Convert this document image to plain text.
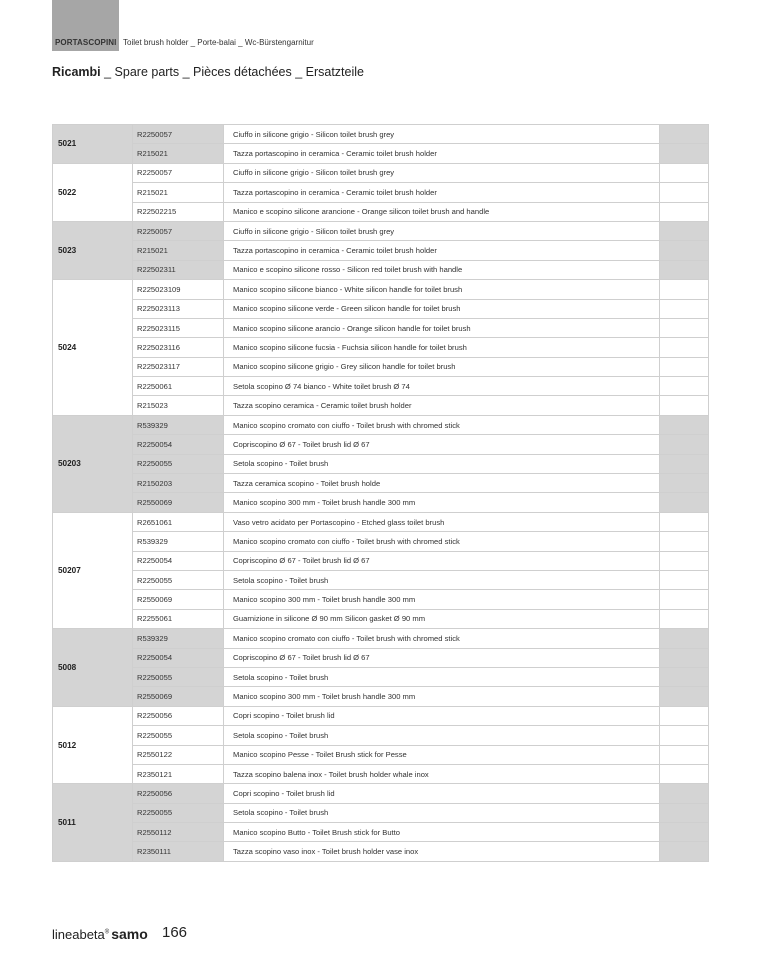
PORTASCOPINI Toilet brush holder _ Porte-balai _ Wc-Bürstengarnitur
Ricambi _ Spare parts _ Pièces détachées _ Ersatzteile
5021	R2250057	Ciuffo in silicone grigio - Silicon toilet brush grey	
	R215021	Tazza portascopino in ceramica - Ceramic toilet brush holder	
5022	R2250057	Ciuffo in silicone grigio - Silicon toilet brush grey	
	R215021	Tazza portascopino in ceramica - Ceramic toilet brush holder	
	R22502215	Manico e scopino silicone arancione - Orange silicon toilet brush and handle	
5023	R2250057	Ciuffo in silicone grigio - Silicon toilet brush grey	
	R215021	Tazza portascopino in ceramica - Ceramic toilet brush holder	
	R22502311	Manico e scopino silicone rosso - Silicon red toilet brush with handle	
5024	R225023109	Manico scopino silicone bianco - White silicon handle for toilet brush	
	R225023113	Manico scopino silicone verde - Green silicon handle for toilet brush	
	R225023115	Manico scopino silicone arancio - Orange silicon handle for toilet brush	
	R225023116	Manico scopino silicone fucsia - Fuchsia silicon handle for toilet brush	
	R225023117	Manico scopino silicone grigio - Grey silicon handle for toilet brush	
	R2250061	Setola scopino Ø 74 bianco - White toilet brush Ø 74	
	R215023	Tazza scopino ceramica - Ceramic toilet brush holder	
50203	R539329	Manico scopino cromato con ciuffo - Toilet brush with chromed stick	
	R2250054	Copriscopino Ø 67 - Toilet brush lid Ø 67	
	R2250055	Setola scopino - Toilet brush	
	R2150203	Tazza ceramica scopino - Toilet brush holde	
	R2550069	Manico scopino 300 mm - Toilet brush handle 300 mm	
50207	R2651061	Vaso vetro acidato per Portascopino - Etched glass toilet brush	
	R539329	Manico scopino cromato con ciuffo - Toilet brush with chromed stick	
	R2250054	Copriscopino Ø 67 - Toilet brush lid Ø 67	
	R2250055	Setola scopino - Toilet brush	
	R2550069	Manico scopino 300 mm - Toilet brush handle 300 mm	
	R2255061	Guarnizione in silicone Ø 90 mm Silicon gasket Ø 90 mm	
5008	R539329	Manico scopino cromato con ciuffo - Toilet brush with chromed stick	
	R2250054	Copriscopino Ø 67 - Toilet brush lid Ø 67	
	R2250055	Setola scopino - Toilet brush	
	R2550069	Manico scopino 300 mm - Toilet brush handle 300 mm	
5012	R2250056	Copri scopino - Toilet brush lid	
	R2250055	Setola scopino - Toilet brush	
	R2550122	Manico scopino Pesse - Toilet Brush stick for Pesse	
	R2350121	Tazza scopino balena inox - Toilet brush holder whale inox	
5011	R2250056	Copri scopino - Toilet brush lid	
	R2250055	Setola scopino - Toilet brush	
	R2550112	Manico scopino Butto - Toilet Brush stick for Butto	
	R2350111	Tazza scopino vaso inox - Toilet brush holder vase inox	
lineabeta® samo 166
